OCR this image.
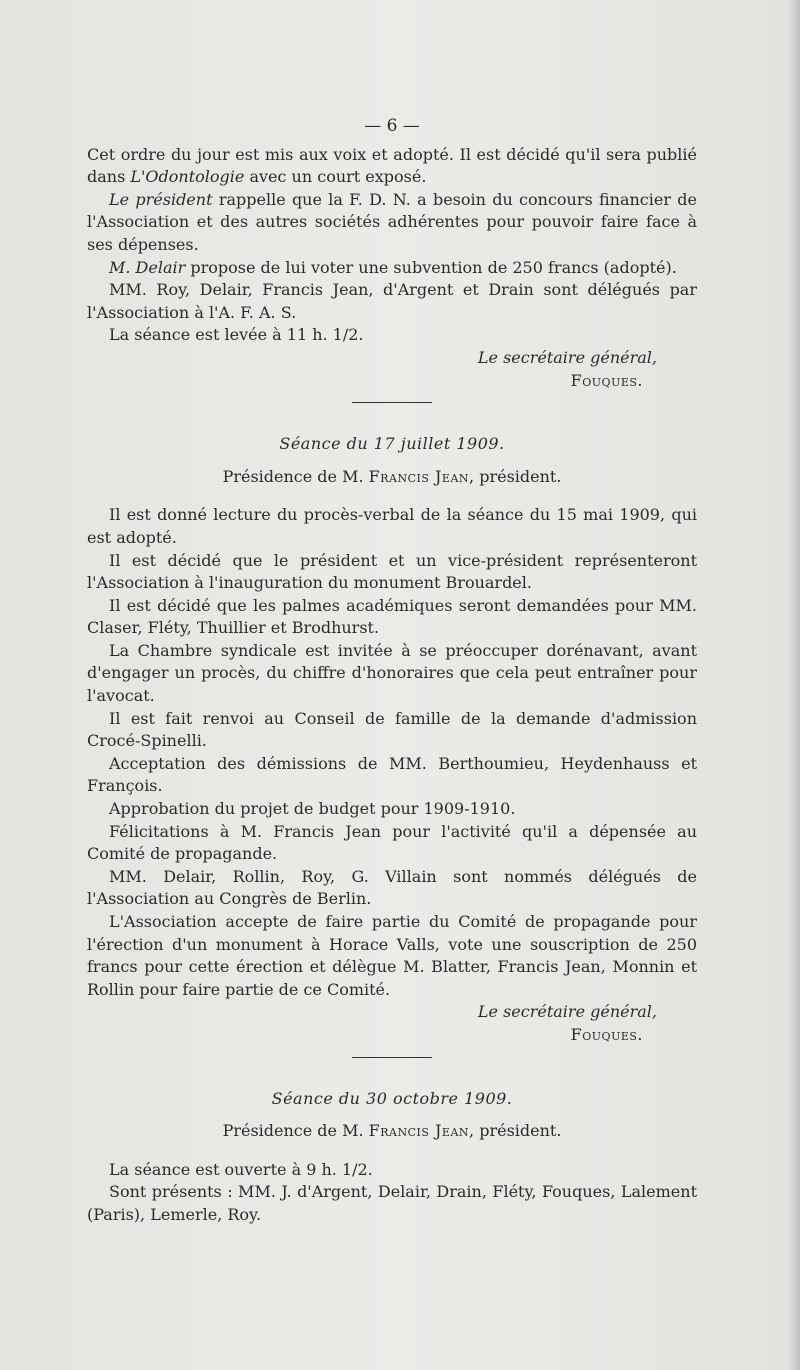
— 6 —

Cet ordre du jour est mis aux voix et adopté. Il est décidé qu'il sera publié dans L'Odontologie avec un court exposé.

Le président rappelle que la F. D. N. a besoin du concours financier de l'Association et des autres sociétés adhérentes pour pouvoir faire face à ses dépenses.

M. Delair propose de lui voter une subvention de 250 francs (adopté).

MM. Roy, Delair, Francis Jean, d'Argent et Drain sont délégués par l'Association à l'A. F. A. S.

La séance est levée à 11 h. 1/2.

Le secrétaire général,
Fouques.
Séance du 17 juillet 1909.
Présidence de M. Francis Jean, président.

Il est donné lecture du procès-verbal de la séance du 15 mai 1909, qui est adopté.

Il est décidé que le président et un vice-président représenteront l'Association à l'inauguration du monument Brouardel.

Il est décidé que les palmes académiques seront demandées pour MM. Claser, Fléty, Thuillier et Brodhurst.

La Chambre syndicale est invitée à se préoccuper dorénavant, avant d'engager un procès, du chiffre d'honoraires que cela peut entraîner pour l'avocat.

Il est fait renvoi au Conseil de famille de la demande d'admission Crocé-Spinelli.

Acceptation des démissions de MM. Berthoumieu, Heydenhauss et François.

Approbation du projet de budget pour 1909-1910.

Félicitations à M. Francis Jean pour l'activité qu'il a dépensée au Comité de propagande.

MM. Delair, Rollin, Roy, G. Villain sont nommés délégués de l'Association au Congrès de Berlin.

L'Association accepte de faire partie du Comité de propagande pour l'érection d'un monument à Horace Valls, vote une souscription de 250 francs pour cette érection et délègue M. Blatter, Francis Jean, Monnin et Rollin pour faire partie de ce Comité.

Le secrétaire général,
Fouques.
Séance du 30 octobre 1909.
Présidence de M. Francis Jean, président.

La séance est ouverte à 9 h. 1/2.

Sont présents : MM. J. d'Argent, Delair, Drain, Fléty, Fouques, Lalement (Paris), Lemerle, Roy.
